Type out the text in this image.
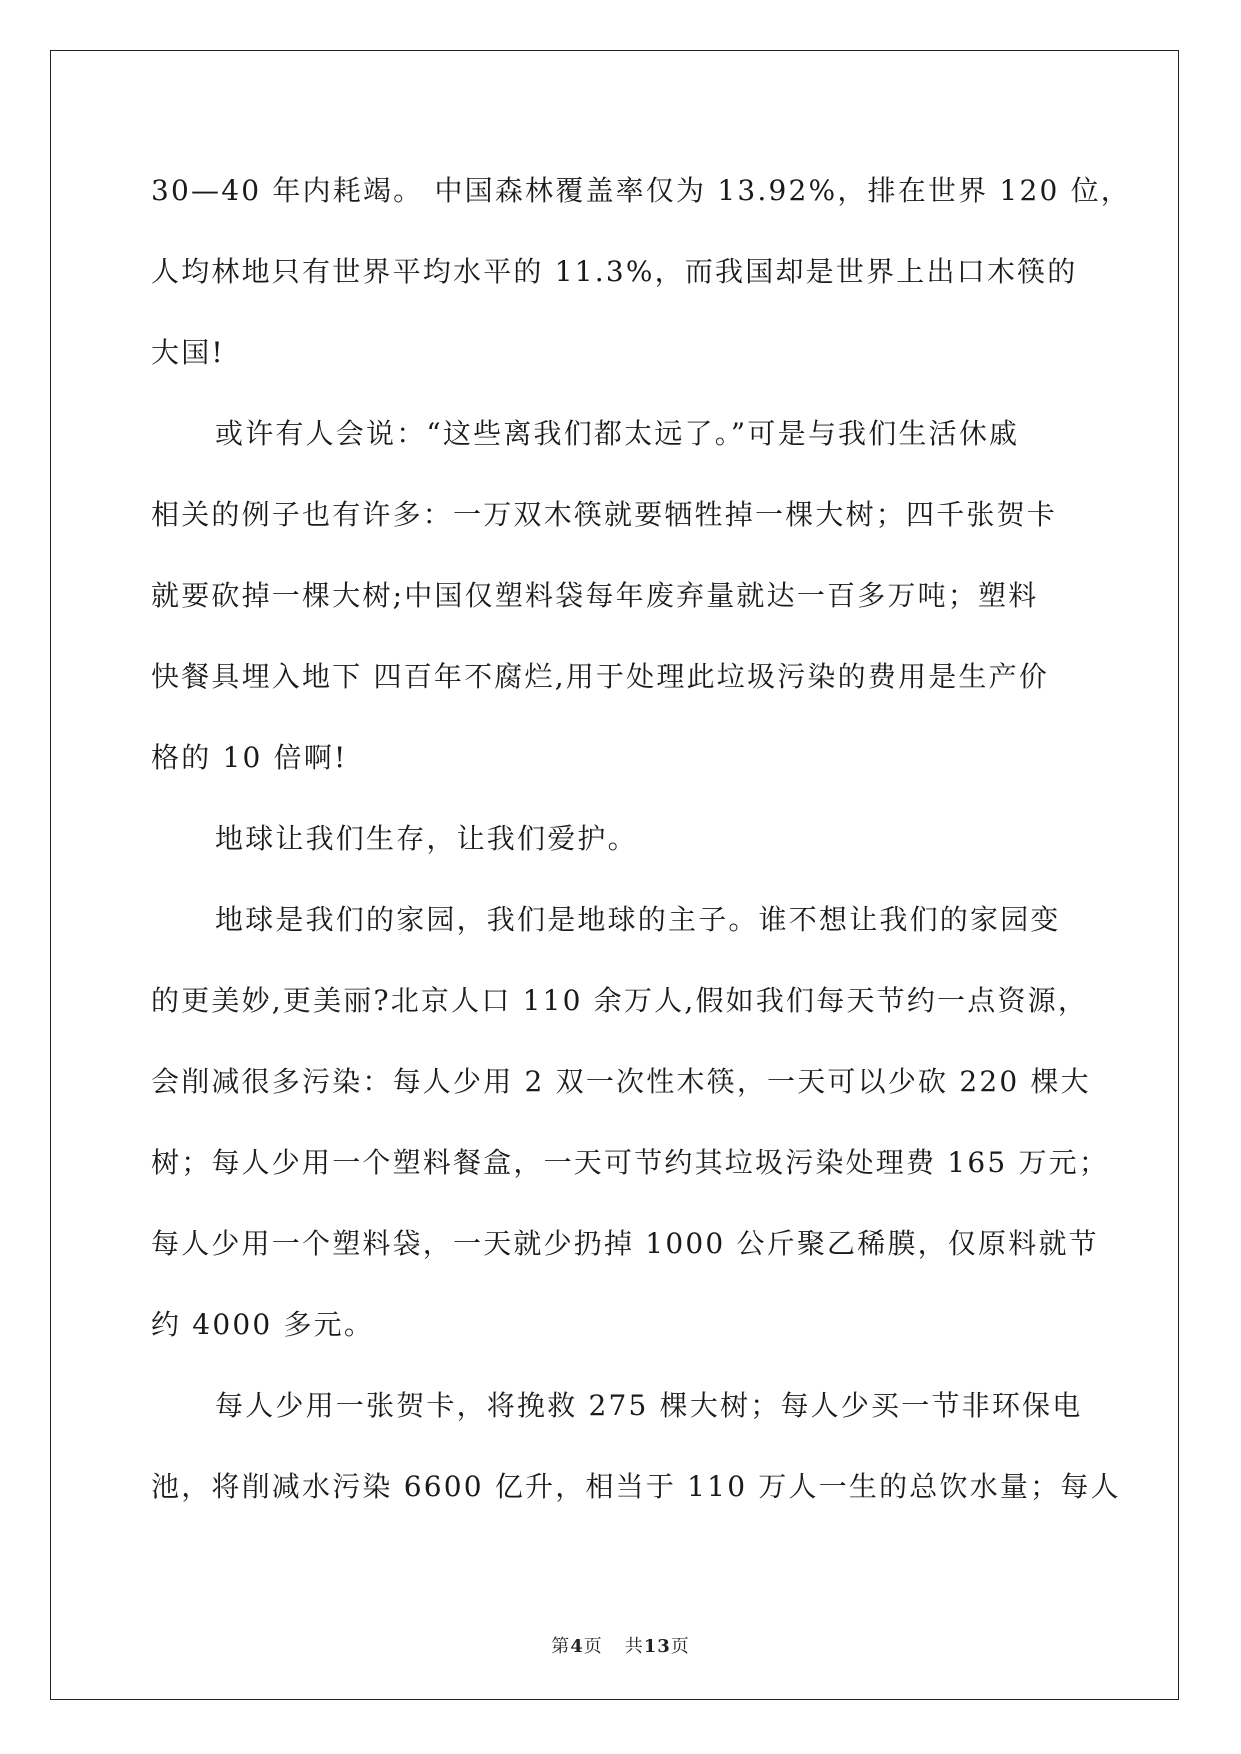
30—40 年内耗竭。 中国森林覆盖率仅为 13.92%，排在世界 120 位，
人均林地只有世界平均水平的 11.3%，而我国却是世界上出口木筷的
大国!
或许有人会说：“这些离我们都太远了。”可是与我们生活休戚
相关的例子也有许多：一万双木筷就要牺牲掉一棵大树；四千张贺卡
就要砍掉一棵大树;中国仅塑料袋每年废弃量就达一百多万吨；塑料
快餐具埋入地下 四百年不腐烂,用于处理此垃圾污染的费用是生产价
格的 10 倍啊!
地球让我们生存，让我们爱护。
地球是我们的家园，我们是地球的主子。谁不想让我们的家园变
的更美妙,更美丽?北京人口 110 余万人,假如我们每天节约一点资源，
会削减很多污染：每人少用 2 双一次性木筷，一天可以少砍 220 棵大
树；每人少用一个塑料餐盒，一天可节约其垃圾污染处理费 165 万元；
每人少用一个塑料袋，一天就少扔掉 1000 公斤聚乙稀膜，仅原料就节
约 4000 多元。
每人少用一张贺卡，将挽救 275 棵大树；每人少买一节非环保电
池，将削减水污染 6600 亿升，相当于 110 万人一生的总饮水量；每人
第4页 共13页
